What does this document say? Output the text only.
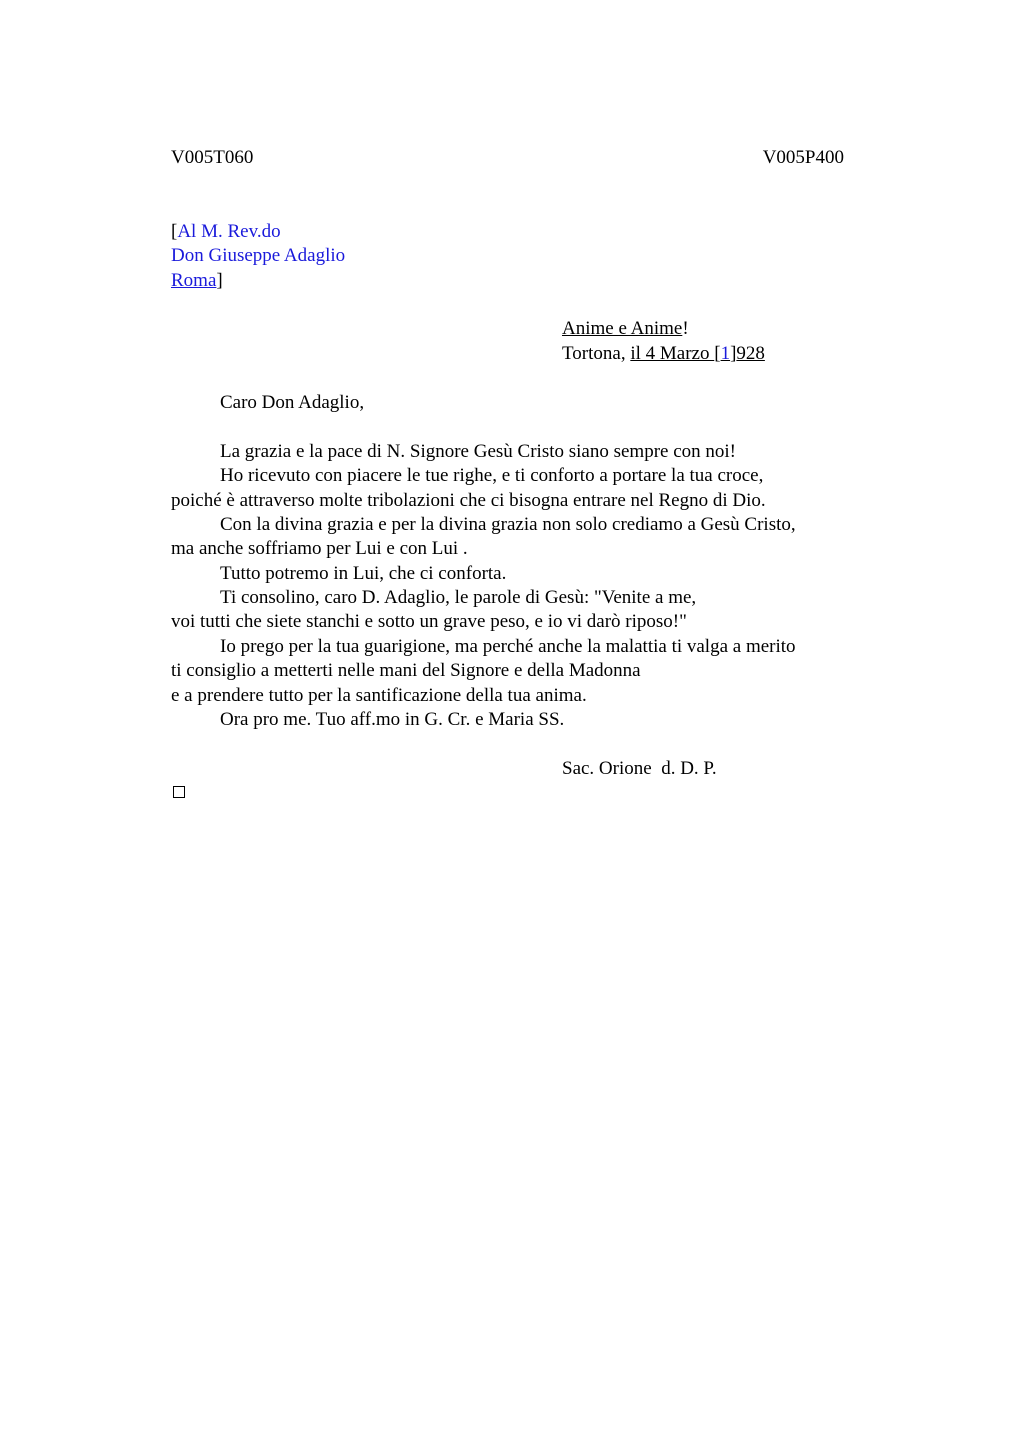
V005T060	V005P400
[Al M. Rev.do
Don Giuseppe Adaglio
Roma]
Anime e Anime!
Tortona, il 4 Marzo [1]928
Caro Don Adaglio,
La grazia e la pace di N. Signore Gesù Cristo siano sempre con noi!
Ho ricevuto con piacere le tue righe, e ti conforto a portare la tua croce,
poiché è attraverso molte tribolazioni che ci bisogna entrare nel Regno di Dio.
Con la divina grazia e per la divina grazia non solo crediamo a Gesù Cristo,
ma anche soffriamo per Lui e con Lui .
Tutto potremo in Lui, che ci conforta.
Ti consolino, caro D. Adaglio, le parole di Gesù: "Venite a me,
voi tutti che siete stanchi e sotto un grave peso, e io vi darò riposo!"
Io prego per la tua guarigione, ma perché anche la malattia ti valga a merito
ti consiglio a metterti nelle mani del Signore e della Madonna
e a prendere tutto per la santificazione della tua anima.
Ora pro me. Tuo aff.mo in G. Cr. e Maria SS.
Sac. Orione  d. D. P.
